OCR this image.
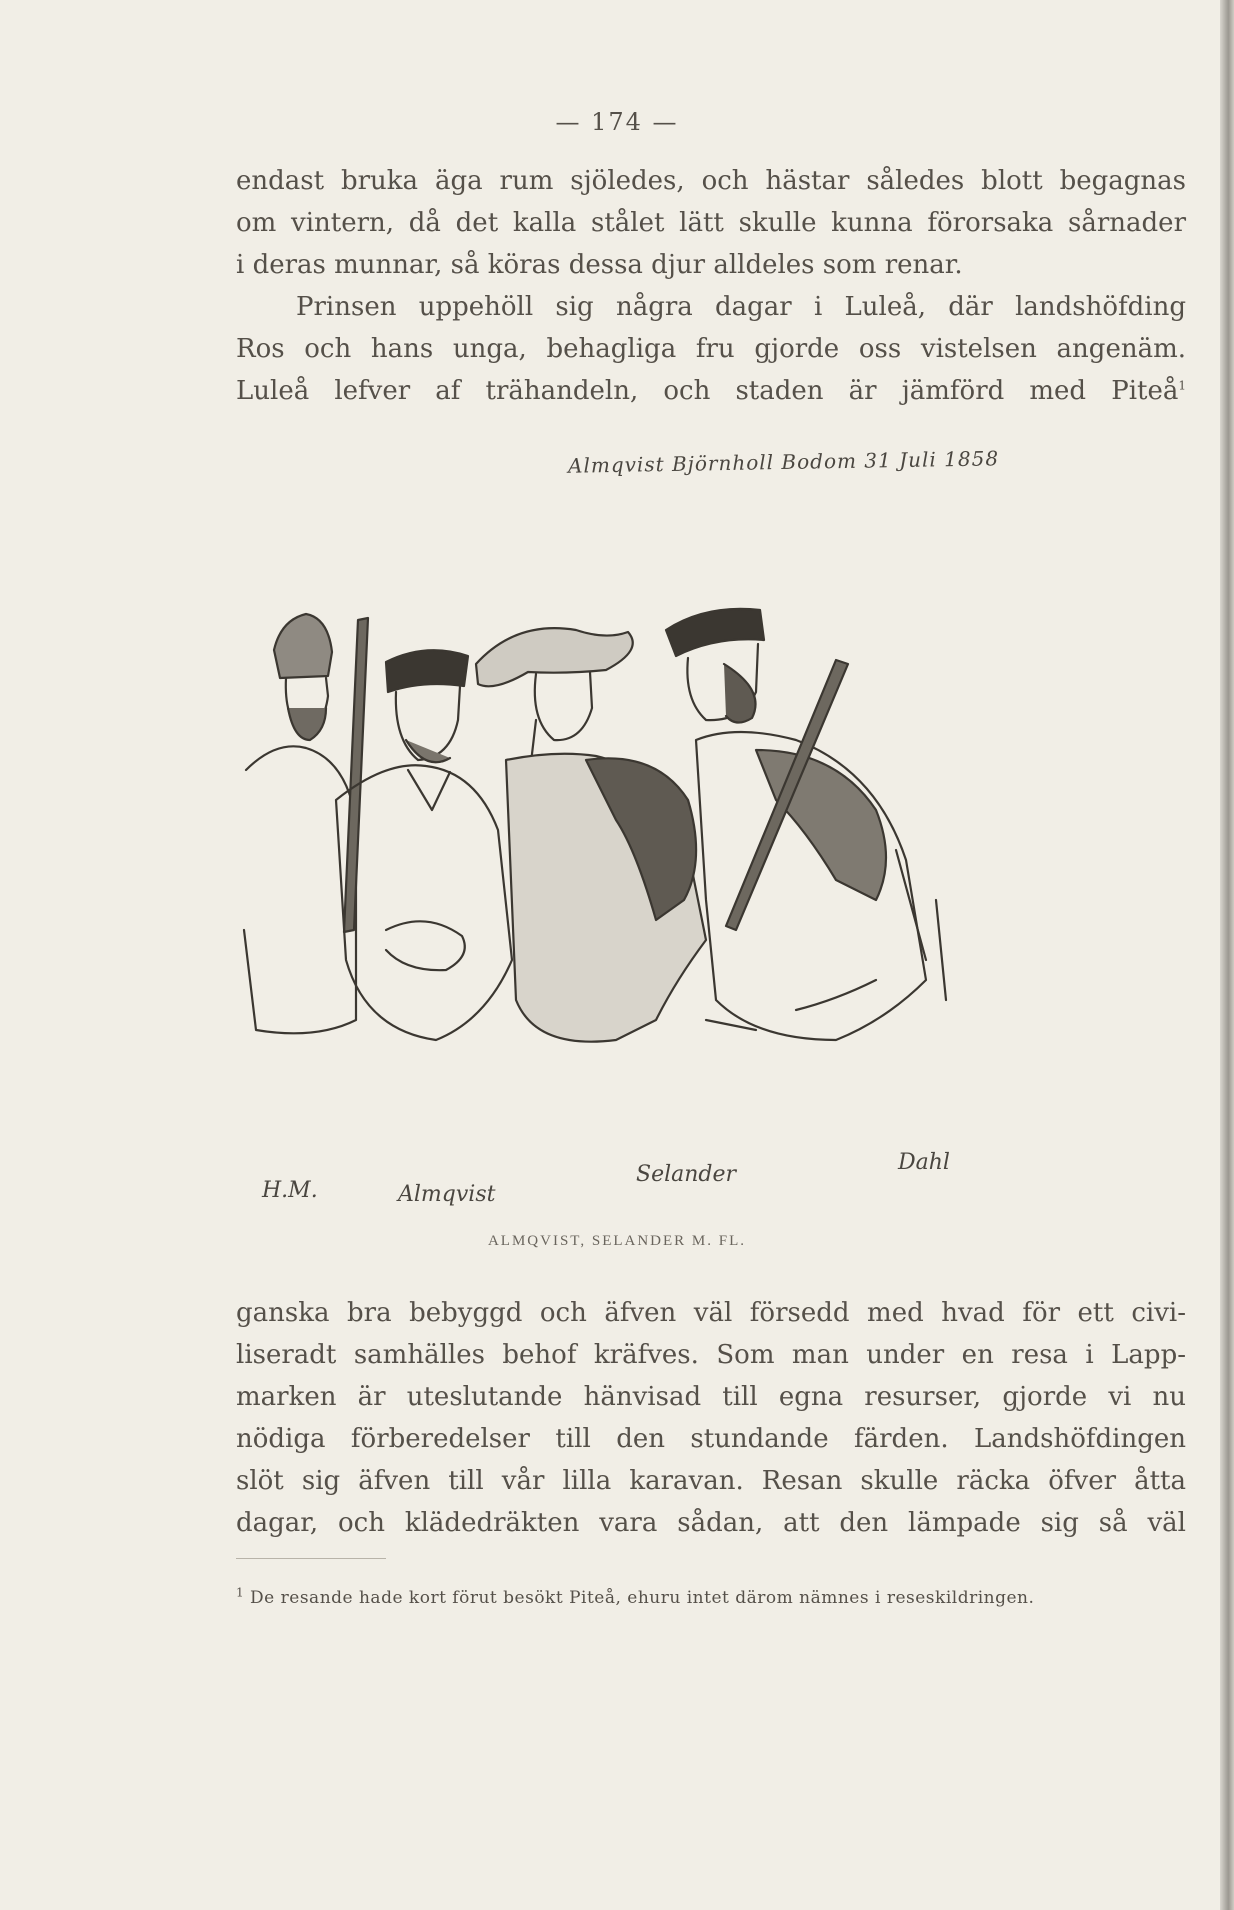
— 174 —

endast bruka äga rum sjöledes, och hästar således blott begagnas
om vintern, då det kalla stålet lätt skulle kunna förorsaka sårnader
i deras munnar, så köras dessa djur alldeles som renar.
Prinsen uppehöll sig några dagar i Luleå, där landshöfding
Ros och hans unga, behagliga fru gjorde oss vistelsen angenäm.
Luleå lefver af trähandeln, och staden är jämförd med Piteå$^1$

Almqvist Björnholl Bodom 31 Juli 1858
H.M.	Almqvist
Selander	Dahl
ALMQVIST, SELANDER M. FL.

ganska bra bebyggd och äfven väl försedd med hvad för ett civi-
liseradt samhälles behof kräfves. Som man under en resa i Lapp-
marken är uteslutande hänvisad till egna resurser, gjorde vi nu
nödiga förberedelser till den stundande färden. Landshöfdingen
slöt sig äfven till vår lilla karavan. Resan skulle räcka öfver åtta
dagar, och klädedräkten vara sådan, att den lämpade sig så väl

$^1$ De resande hade kort förut besökt Piteå, ehuru intet därom nämnes i reseskildringen.
